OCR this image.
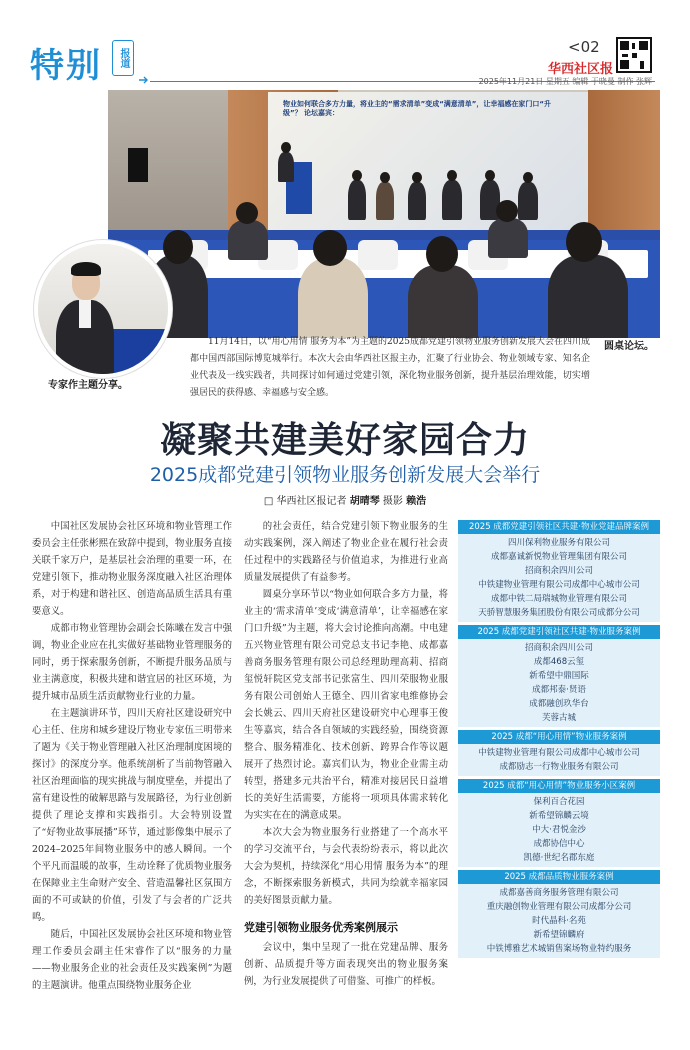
特别	报道
<02
华西社区报
2025年11月21日 星期五 编辑 于晓曼 制作 张辉
物业如何联合多方力量，将业主的“需求清单”变成“满意清单”，让幸福感在家门口“升级”？ 论坛嘉宾：
专家作主题分享。
圆桌论坛。
11月14日，以“用心用情 服务为本”为主题的2025成都党建引领物业服务创新发展大会在四川成都中国西部国际博览城举行。本次大会由华西社区报主办，汇聚了行业协会、物业领域专家、知名企业代表及一线实践者，共同探讨如何通过党建引领，深化物业服务创新，提升基层治理效能，切实增强居民的获得感、幸福感与安全感。
凝聚共建美好家园合力
2025成都党建引领物业服务创新发展大会举行
□ 华西社区报记者 胡晴琴 摄影 赖浩

中国社区发展协会社区环境和物业管理工作委员会主任张彬熙在致辞中提到，物业服务直接关联千家万户，是基层社会治理的重要一环，在党建引领下，推动物业服务深度融入社区治理体系，对于构建和谐社区、创造高品质生活具有重要意义。

成都市物业管理协会副会长陈曦在发言中强调，物业企业应在扎实做好基础物业管理服务的同时，勇于探索服务创新，不断提升服务品质与业主满意度，积极共建和谐宜居的社区环境，为提升城市品质生活贡献物业行业的力量。

在主题演讲环节，四川天府社区建设研究中心主任、住房和城乡建设厅物业专家伍三明带来了题为《关于物业管理融入社区治理制度困境的探讨》的深度分享。他系统剖析了当前物管融入社区治理面临的现实挑战与制度壁垒，并提出了富有建设性的破解思路与发展路径，为行业创新提供了理论支撑和实践指引。大会特别设置了“好物业故事展播”环节，通过影像集中展示了2024–2025年间物业服务中的感人瞬间。一个个平凡而温暖的故事，生动诠释了优质物业服务在保障业主生命财产安全、营造温馨社区氛围方面的不可或缺的价值，引发了与会者的广泛共鸣。

随后，中国社区发展协会社区环境和物业管理工作委员会副主任宋睿作了以“服务的力量——物业服务企业的社会责任及实践案例”为题的主题演讲。他重点围绕物业服务企业

的社会责任，结合党建引领下物业服务的生动实践案例，深入阐述了物业企业在履行社会责任过程中的实践路径与价值追求，为推进行业高质量发展提供了有益参考。

圆桌分享环节以“物业如何联合多方力量，将业主的‘需求清单’变成‘满意清单’，让幸福感在家门口升级”为主题，将大会讨论推向高潮。中电建五兴物业管理有限公司党总支书记李艳、成都嘉善商务服务管理有限公司总经理助理高莉、招商玺悦轩院区党支部书记张富生、四川荣服物业服务有限公司创始人王德全、四川省家电维修协会会长姚云、四川天府社区建设研究中心理事王俊生等嘉宾，结合各自领域的实践经验，围绕资源整合、服务精准化、技术创新、跨界合作等议题展开了热烈讨论。嘉宾们认为，物业企业需主动转型，搭建多元共治平台，精准对接居民日益增长的美好生活需要，方能将一项项具体需求转化为实实在在的满意成果。

本次大会为物业服务行业搭建了一个高水平的学习交流平台，与会代表纷纷表示，将以此次大会为契机，持续深化“用心用情 服务为本”的理念，不断探索服务新模式，共同为绘就幸福家园的美好图景贡献力量。

党建引领物业服务优秀案例展示

会议中，集中呈现了一批在党建品牌、服务创新、品质提升等方面表现突出的物业服务案例，为行业发展提供了可借鉴、可推广的样板。

2025 成都党建引领社区共建·物业党建品牌案例
四川保利物业服务有限公司
成都嘉诚新悦物业管理集团有限公司
招商积余四川公司
中铁建物业管理有限公司成都中心城市公司
成都中铁二局瑞城物业管理有限公司
天骄智慧服务集团股份有限公司成都分公司
2025 成都党建引领社区共建·物业服务案例
招商积余四川公司
成都468云玺
新希望中鼎国际
成都邦泰·贤语
成都融创玖华台
芙蓉古城
2025 成都“用心用情”物业服务案例
中铁建物业管理有限公司成都中心城市公司
成都励志一行物业服务有限公司
2025 成都“用心用情”物业服务小区案例
保利百合花园
新希望锦麟云境
中大·君悦金沙
成都协信中心
凯德·世纪名郡东庭
2025 成都品质物业服务案例
成都嘉善商务服务管理有限公司
重庆融创物业管理有限公司成都分公司
时代晶科·名苑
新希望锦麟府
中铁博雅艺术城销售案场物业特约服务
